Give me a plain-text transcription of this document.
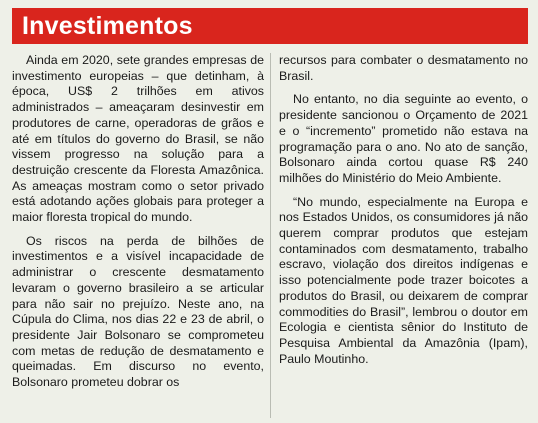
Investimentos

Ainda em 2020, sete grandes empresas de investimento europeias – que detinham, à época, US$ 2 trilhões em ativos administrados – ameaçaram desinvestir em produtores de carne, operadoras de grãos e até em títulos do governo do Brasil, se não vissem progresso na solução para a destruição crescente da Floresta Amazônica. As ameaças mostram como o setor privado está adotando ações globais para proteger a maior floresta tropical do mundo.

Os riscos na perda de bilhões de investimentos e a visível incapacidade de administrar o crescente desmatamento levaram o governo brasileiro a se articular para não sair no prejuízo. Neste ano, na Cúpula do Clima, nos dias 22 e 23 de abril, o presidente Jair Bolsonaro se comprometeu com metas de redução de desmatamento e queimadas. Em discurso no evento, Bolsonaro prometeu dobrar os

recursos para combater o desmatamento no Brasil.

No entanto, no dia seguinte ao evento, o presidente sancionou o Orçamento de 2021 e o “incremento” prometido não estava na programação para o ano. No ato de sanção, Bolsonaro ainda cortou quase R$ 240 milhões do Ministério do Meio Ambiente.

“No mundo, especialmente na Europa e nos Estados Unidos, os consumidores já não querem comprar produtos que estejam contaminados com desmatamento, trabalho escravo, violação dos direitos indígenas e isso potencialmente pode trazer boicotes a produtos do Brasil, ou deixarem de comprar commodities do Brasil”, lembrou o doutor em Ecologia e cientista sênior do Instituto de Pesquisa Ambiental da Amazônia (Ipam), Paulo Moutinho.
